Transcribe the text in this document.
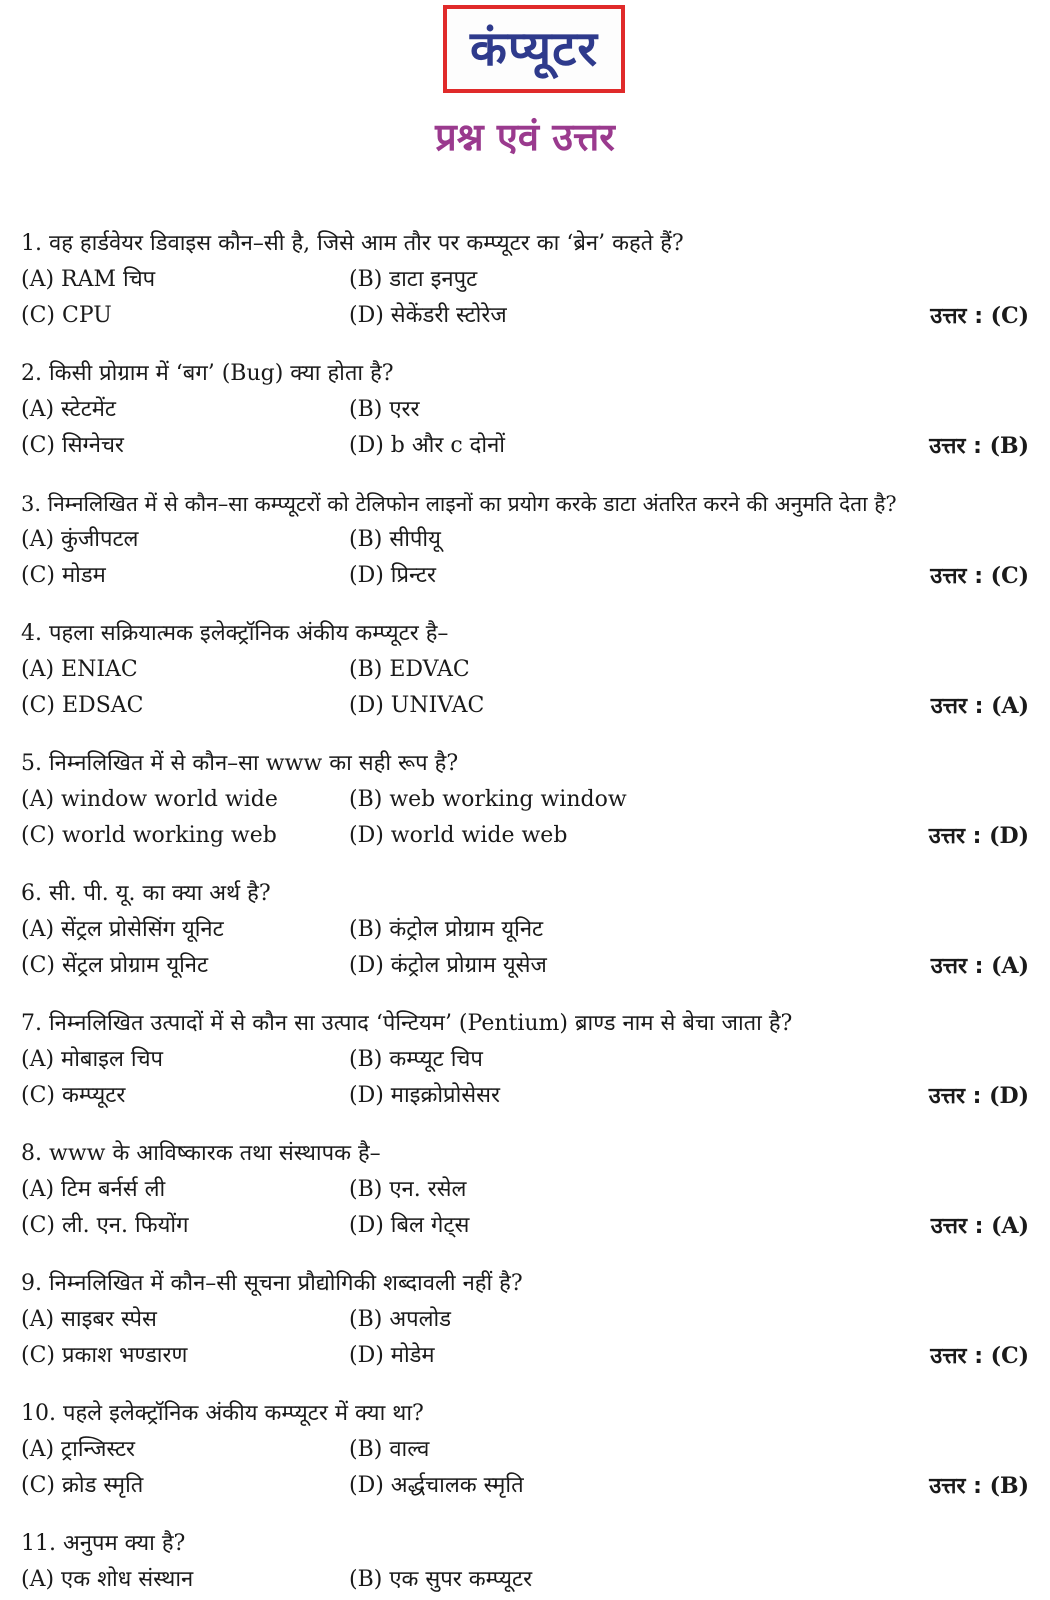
कंप्यूटर
प्रश्न एवं उत्तर
1. वह हार्डवेयर डिवाइस कौन–सी है, जिसे आम तौर पर कम्प्यूटर का ‘ब्रेन’ कहते हैं?
(A) RAM चिप	(B) डाटा इनपुट
(C) CPU	(D) सेकेंडरी स्टोरेज	उत्तर : (C)
2. किसी प्रोग्राम में ‘बग’ (Bug) क्या होता है?
(A) स्टेटमेंट	(B) एरर
(C) सिग्नेचर	(D) b और c दोनों	उत्तर : (B)
3. निम्नलिखित में से कौन–सा कम्प्यूटरों को टेलिफोन लाइनों का प्रयोग करके डाटा अंतरित करने की अनुमति देता है?
(A) कुंजीपटल	(B) सीपीयू
(C) मोडम	(D) प्रिन्टर	उत्तर : (C)
4. पहला सक्रियात्मक इलेक्ट्रॉनिक अंकीय कम्प्यूटर है–
(A) ENIAC	(B) EDVAC
(C) EDSAC	(D) UNIVAC	उत्तर : (A)
5. निम्नलिखित में से कौन–सा www का सही रूप है?
(A) window world wide	(B) web working window
(C) world working web	(D) world wide web	उत्तर : (D)
6. सी. पी. यू. का क्या अर्थ है?
(A) सेंट्रल प्रोसेसिंग यूनिट	(B) कंट्रोल प्रोग्राम यूनिट
(C) सेंट्रल प्रोग्राम यूनिट	(D) कंट्रोल प्रोग्राम यूसेज	उत्तर : (A)
7. निम्नलिखित उत्पादों में से कौन सा उत्पाद ‘पेन्टियम’ (Pentium) ब्राण्ड नाम से बेचा जाता है?
(A) मोबाइल चिप	(B) कम्प्यूट चिप
(C) कम्प्यूटर	(D) माइक्रोप्रोसेसर	उत्तर : (D)
8. www के आविष्कारक तथा संस्थापक है–
(A) टिम बर्नर्स ली	(B) एन. रसेल
(C) ली. एन. फियोंग	(D) बिल गेट्स	उत्तर : (A)
9. निम्नलिखित में कौन–सी सूचना प्रौद्योगिकी शब्दावली नहीं है?
(A) साइबर स्पेस	(B) अपलोड
(C) प्रकाश भण्डारण	(D) मोडेम	उत्तर : (C)
10. पहले इलेक्ट्रॉनिक अंकीय कम्प्यूटर में क्या था?
(A) ट्रान्जिस्टर	(B) वाल्व
(C) क्रोड स्मृति	(D) अर्द्धचालक स्मृति	उत्तर : (B)
11. अनुपम क्या है?
(A) एक शोध संस्थान	(B) एक सुपर कम्प्यूटर
